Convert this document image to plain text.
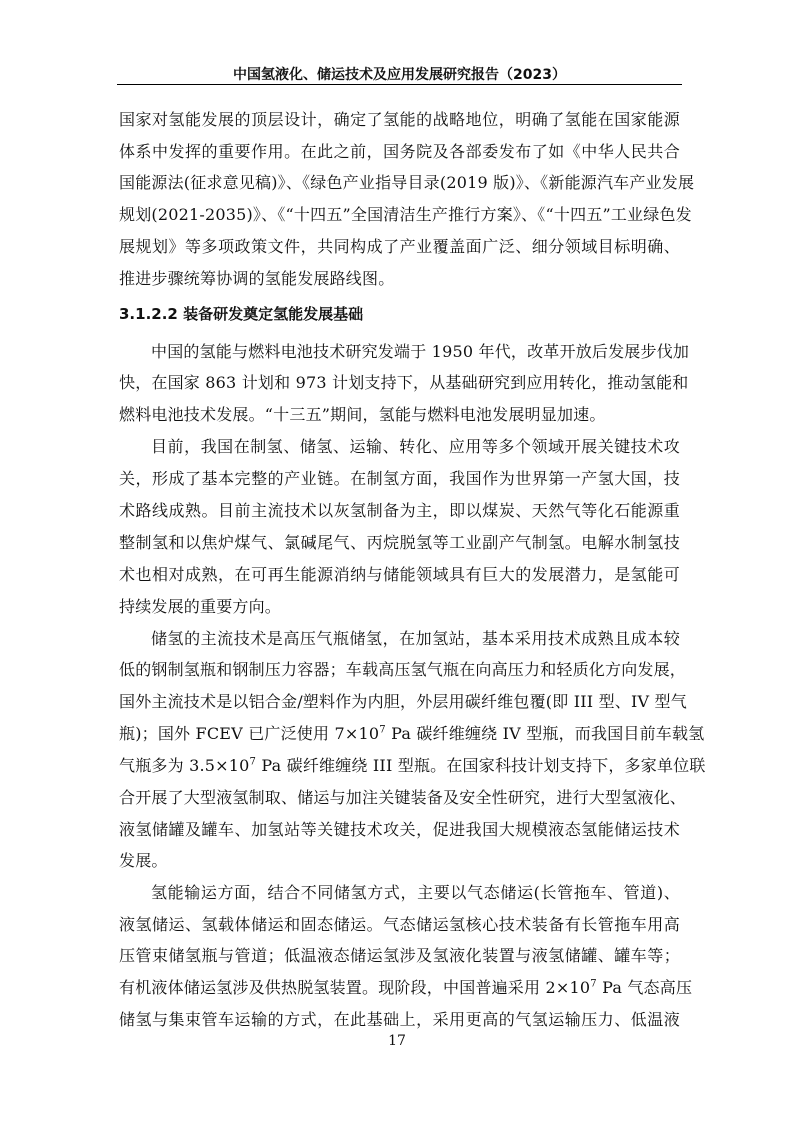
中国氢液化、储运技术及应用发展研究报告（2023）
3.1.2.2 装备研发奠定氢能发展基础
国家对氢能发展的顶层设计，确定了氢能的战略地位，明确了氢能在国家能源
体系中发挥的重要作用。在此之前，国务院及各部委发布了如《中华人民共合
国能源法(征求意见稿)》、《绿色产业指导目录(2019 版)》、《新能源汽车产业发展
规划(2021-2035)》、《“十四五”全国清洁生产推行方案》、《“十四五”工业绿色发
展规划》等多项政策文件，共同构成了产业覆盖面广泛、细分领域目标明确、
推进步骤统筹协调的氢能发展路线图。
中国的氢能与燃料电池技术研究发端于 1950 年代，改革开放后发展步伐加
快，在国家 863 计划和 973 计划支持下，从基础研究到应用转化，推动氢能和
燃料电池技术发展。“十三五”期间，氢能与燃料电池发展明显加速。
目前，我国在制氢、储氢、运输、转化、应用等多个领域开展关键技术攻
关，形成了基本完整的产业链。在制氢方面，我国作为世界第一产氢大国，技
术路线成熟。目前主流技术以灰氢制备为主，即以煤炭、天然气等化石能源重
整制氢和以焦炉煤气、氯碱尾气、丙烷脱氢等工业副产气制氢。电解水制氢技
术也相对成熟，在可再生能源消纳与储能领域具有巨大的发展潜力，是氢能可
持续发展的重要方向。
储氢的主流技术是高压气瓶储氢，在加氢站，基本采用技术成熟且成本较
低的钢制氢瓶和钢制压力容器；车载高压氢气瓶在向高压力和轻质化方向发展，
国外主流技术是以铝合金/塑料作为内胆，外层用碳纤维包覆(即 III 型、IV 型气
瓶)；国外 FCEV 已广泛使用 $7\times 10^7$ Pa 碳纤维缠绕 IV 型瓶，而我国目前车载氢
气瓶多为 $3.5\times 10^7$ Pa 碳纤维缠绕 III 型瓶。在国家科技计划支持下，多家单位联
合开展了大型液氢制取、储运与加注关键装备及安全性研究，进行大型氢液化、
液氢储罐及罐车、加氢站等关键技术攻关，促进我国大规模液态氢能储运技术
发展。
氢能输运方面，结合不同储氢方式，主要以气态储运(长管拖车、管道)、
液氢储运、氢载体储运和固态储运。气态储运氢核心技术装备有长管拖车用高
压管束储氢瓶与管道；低温液态储运氢涉及氢液化装置与液氢储罐、罐车等；
有机液体储运氢涉及供热脱氢装置。现阶段，中国普遍采用 $2\times 10^7$ Pa 气态高压
储氢与集束管车运输的方式，在此基础上，采用更高的气氢运输压力、低温液
17
